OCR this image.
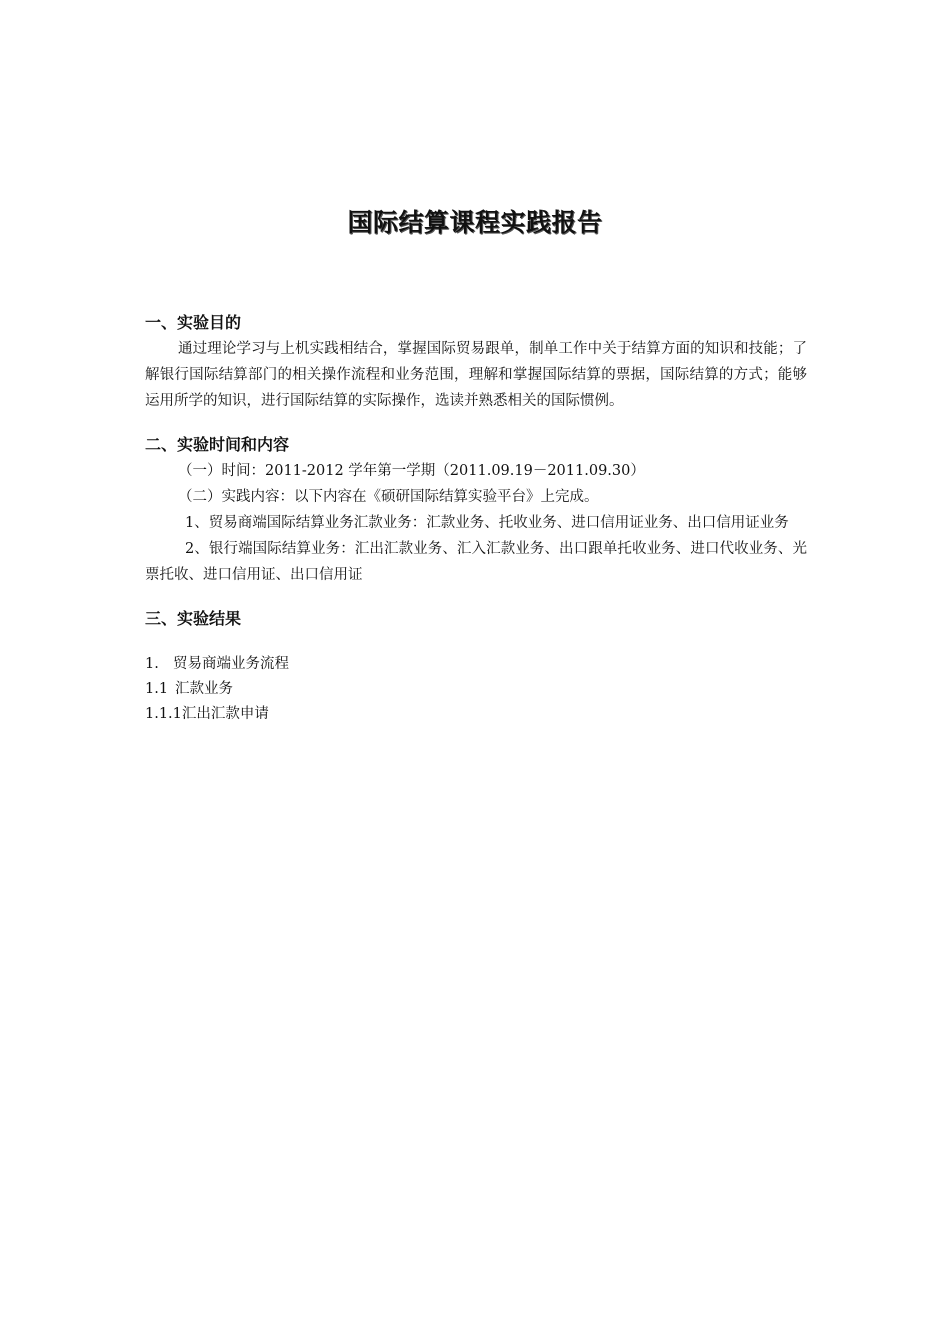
国际结算课程实践报告

一、实验目的

通过理论学习与上机实践相结合，掌握国际贸易跟单，制单工作中关于结算方面的知识和技能；了解银行国际结算部门的相关操作流程和业务范围，理解和掌握国际结算的票据，国际结算的方式；能够运用所学的知识，进行国际结算的实际操作，选读并熟悉相关的国际惯例。

二、实验时间和内容

（一）时间：2011-2012 学年第一学期（2011.09.19－2011.09.30）

（二）实践内容：以下内容在《硕研国际结算实验平台》上完成。

1、贸易商端国际结算业务汇款业务：汇款业务、托收业务、进口信用证业务、出口信用证业务

2、银行端国际结算业务：汇出汇款业务、汇入汇款业务、出口跟单托收业务、进口代收业务、光票托收、进口信用证、出口信用证

三、实验结果

1. 贸易商端业务流程

1.1 汇款业务

1.1.1汇出汇款申请
